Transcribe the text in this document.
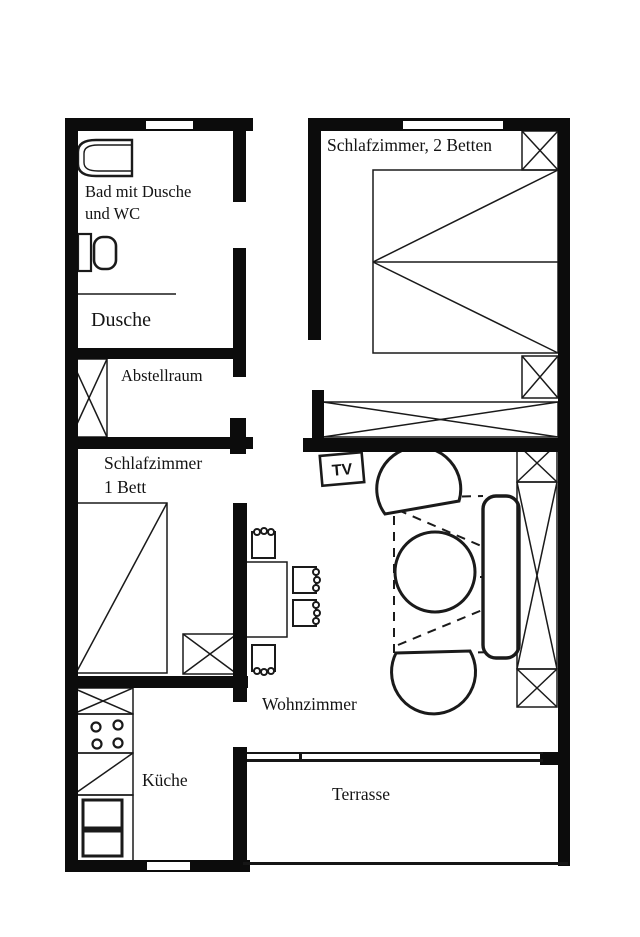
TV
Bad mit Dusche
und WC
Dusche
Abstellraum
Schlafzimmer
1 Bett
Schlafzimmer, 2 Betten
Wohnzimmer
Küche
Terrasse
